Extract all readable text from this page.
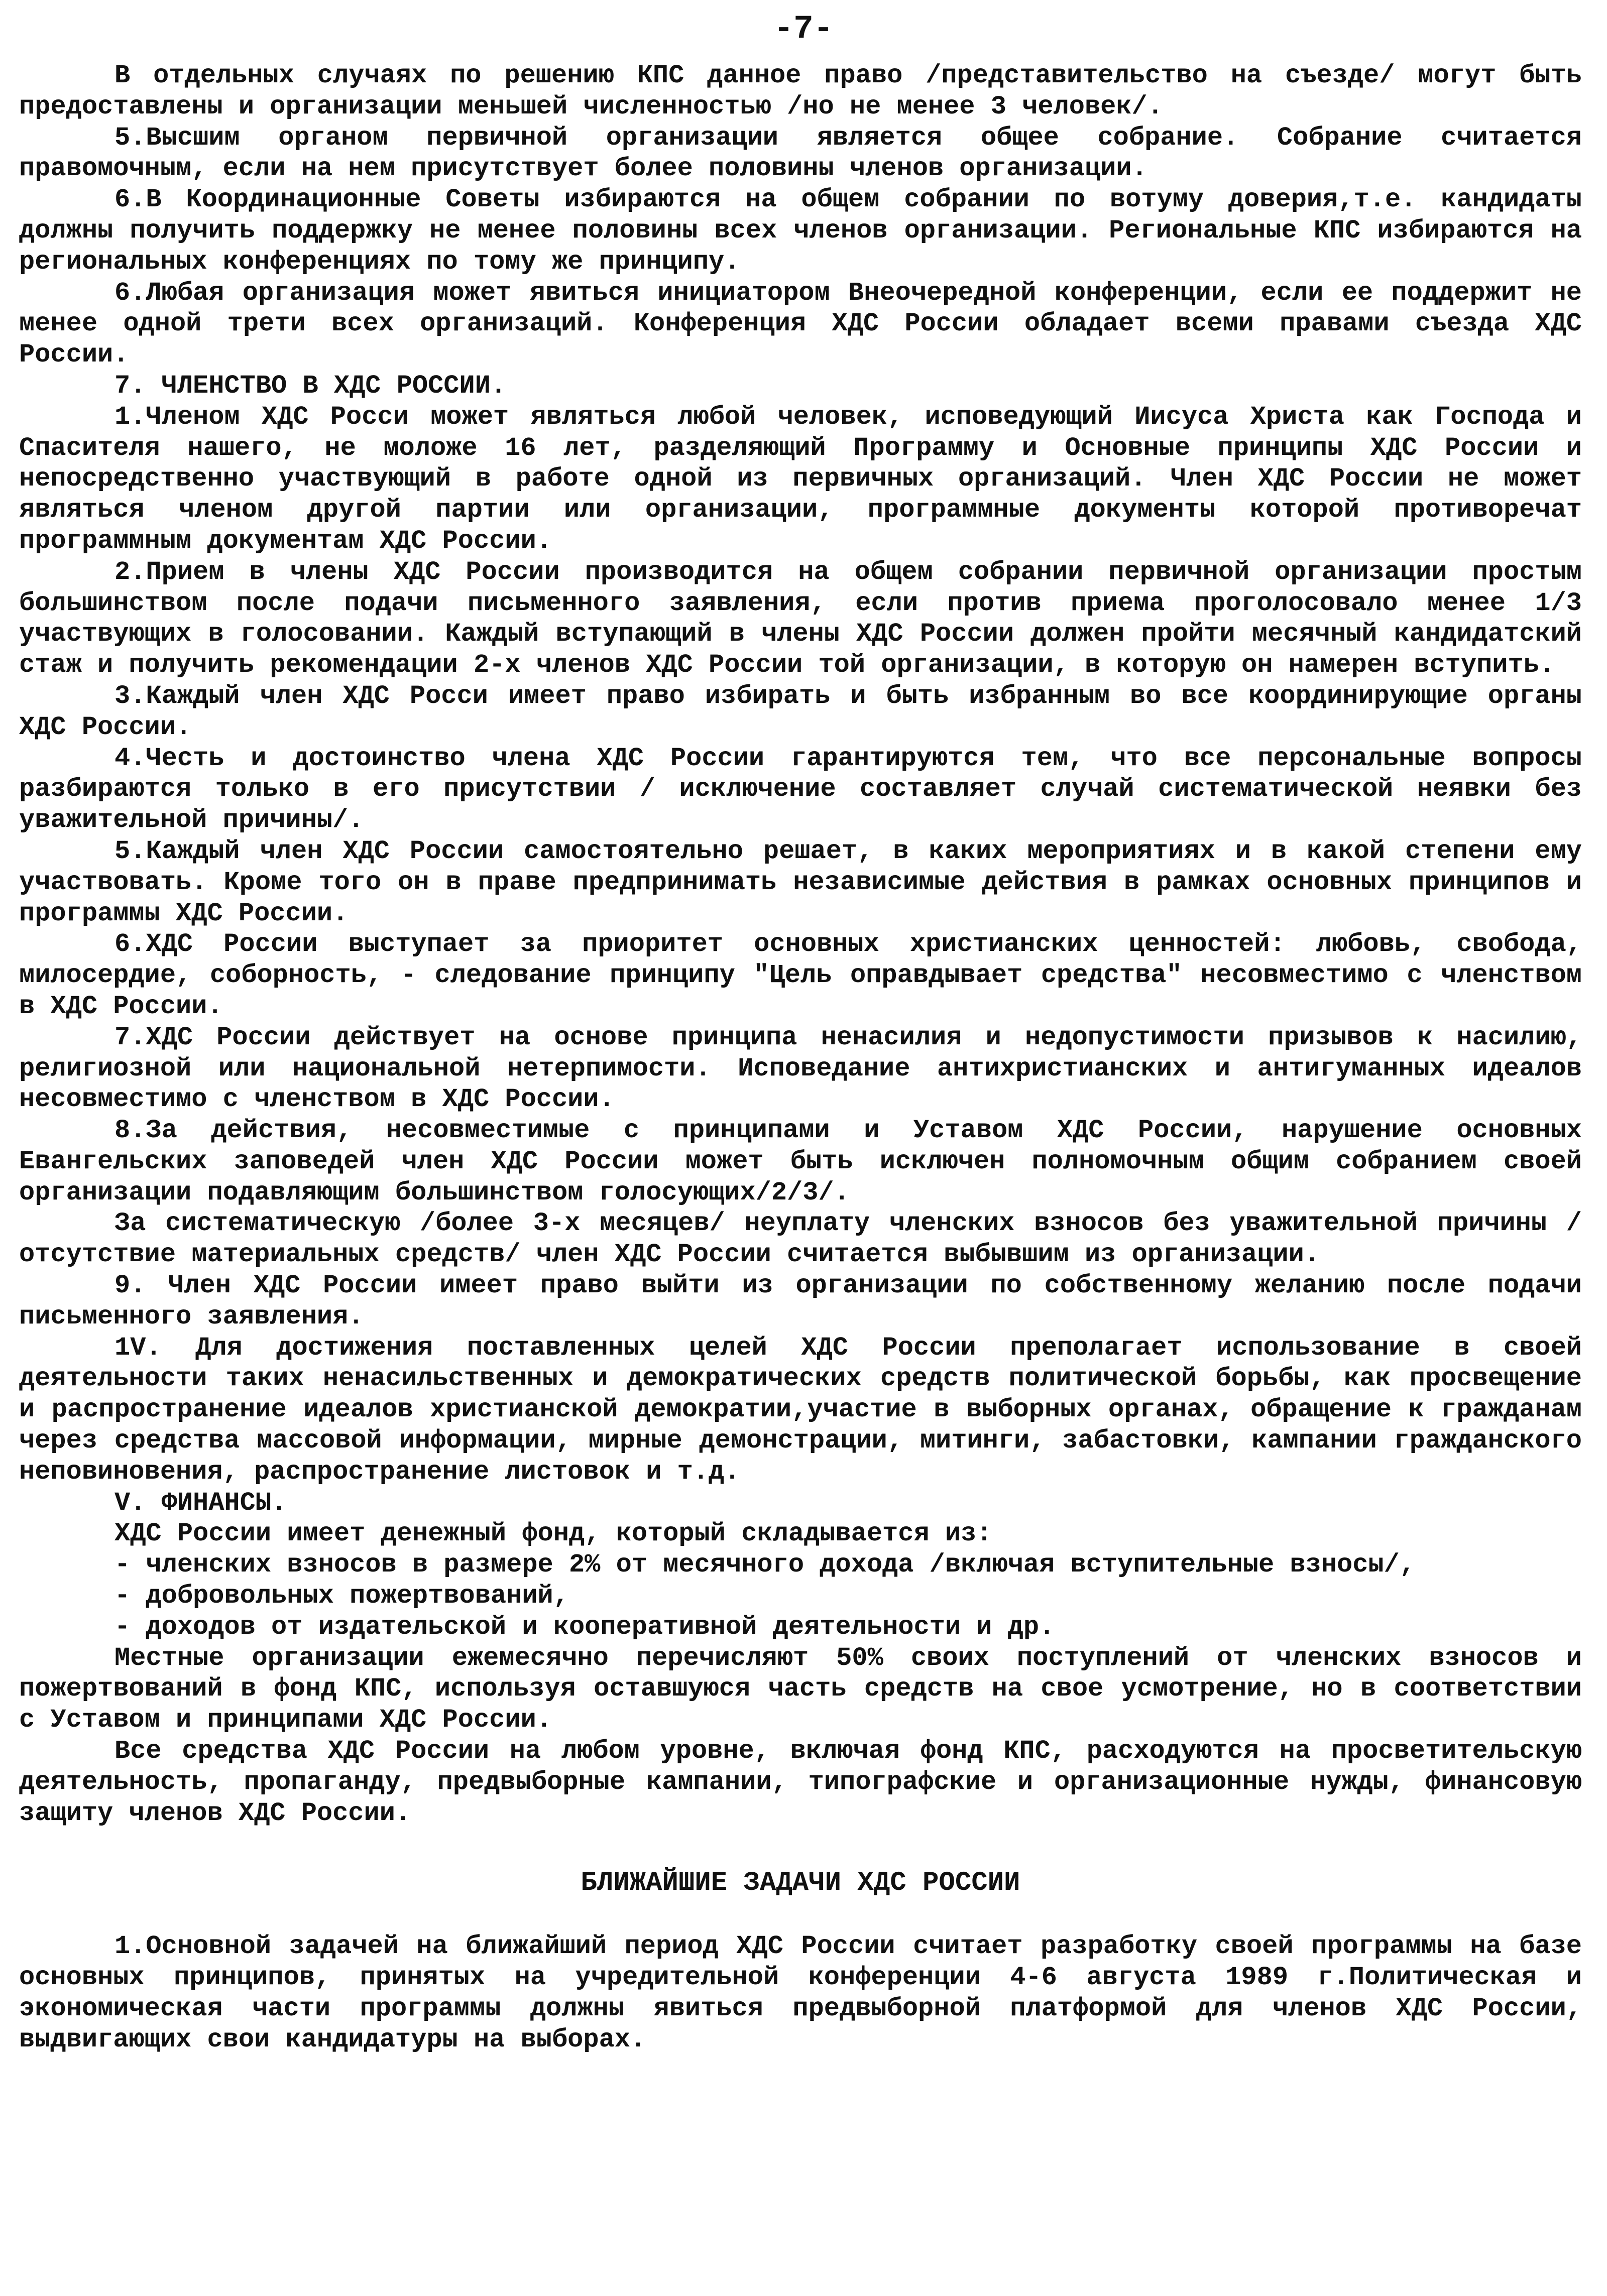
-7-

В отдельных случаях по решению КПС данное право /представительство на съезде/ могут быть предоставлены и организации меньшей численностью /но не менее 3 человек/.

5.Высшим органом первичной организации является общее собрание. Собрание считается правомочным, если на нем присутствует более половины членов организации.

6.В Координационные Советы избираются на общем собрании по вотуму доверия,т.е. кандидаты должны получить поддержку не менее половины всех членов организации. Региональные КПС избираются на региональных конференциях по тому же принципу.

6.Любая организация может явиться инициатором Внеочередной конференции, если ее поддержит не менее одной трети всех организаций. Конференция ХДС России обладает всеми правами съезда ХДС России.

7. ЧЛЕНСТВО В ХДС РОССИИ.

1.Членом ХДС Росси может являться любой человек, исповедующий Иисуса Христа как Господа и Спасителя нашего, не моложе 16 лет, разделяющий Программу и Основные принципы ХДС России и непосредственно участвующий в работе одной из первичных организаций. Член ХДС России не может являться членом другой партии или организации, программные документы которой противоречат программным документам ХДС России.

2.Прием в члены ХДС России производится на общем собрании первичной организации простым большинством после подачи письменного заявления, если против приема проголосовало менее 1/3 участвующих в голосовании. Каждый вступающий в члены ХДС России должен пройти месячный кандидатский стаж и получить рекомендации 2-х членов ХДС России той организации, в которую он намерен вступить.

3.Каждый член ХДС Росси имеет право избирать и быть избранным во все координирующие органы ХДС России.

4.Честь и достоинство члена ХДС России гарантируются тем, что все персональные вопросы разбираются только в его присутствии / исключение составляет случай систематической неявки без уважительной причины/.

5.Каждый член ХДС России самостоятельно решает, в каких мероприятиях и в какой степени ему участвовать. Кроме того он в праве предпринимать независимые действия в рамках основных принципов и программы ХДС России.

6.ХДС России выступает за приоритет основных христианских ценностей: любовь, свобода, милосердие, соборность, - следование принципу "Цель оправдывает средства" несовместимо с членством в ХДС России.

7.ХДС России действует на основе принципа ненасилия и недопустимости призывов к насилию, религиозной или национальной нетерпимости. Исповедание антихристианских и антигуманных идеалов несовместимо с членством в ХДС России.

8.За действия, несовместимые с принципами и Уставом ХДС России, нарушение основных Евангельских заповедей член ХДС России может быть исключен полномочным общим собранием своей организации подавляющим большинством голосующих/2/3/.

За систематическую /более 3-х месяцев/ неуплату членских взносов без уважительной причины /отсутствие материальных средств/ член ХДС России считается выбывшим из организации.

9. Член ХДС России имеет право выйти из организации по собственному желанию после подачи письменного заявления.

1V. Для достижения поставленных целей ХДС России преполагает использование в своей деятельности таких ненасильственных и демократических средств политической борьбы, как просвещение и распространение идеалов христианской демократии,участие в выборных органах, обращение к гражданам через средства массовой информации, мирные демонстрации, митинги, забастовки, кампании гражданского неповиновения, распространение листовок и т.д.

V. ФИНАНСЫ.

ХДС России имеет денежный фонд, который складывается из:

- членских взносов в размере 2% от месячного дохода /включая вступительные взносы/,

- добровольных пожертвований,

- доходов от издательской и кооперативной деятельности и др.

Местные организации ежемесячно перечисляют 50% своих поступлений от членских взносов и пожертвований в фонд КПС, используя оставшуюся часть средств на свое усмотрение, но в соответствии с Уставом и принципами ХДС России.

Все средства ХДС России на любом уровне, включая фонд КПС, расходуются на просветительскую деятельность, пропаганду, предвыборные кампании, типографские и организационные нужды, финансовую защиту членов ХДС России.

БЛИЖАЙШИЕ ЗАДАЧИ ХДС РОССИИ

1.Основной задачей на ближайший период ХДС России считает разработку своей программы на базе основных принципов, принятых на учредительной конференции 4-6 августа 1989 г.Политическая и экономическая части программы должны явиться предвыборной платформой для членов ХДС России, выдвигающих свои кандидатуры на выборах.
